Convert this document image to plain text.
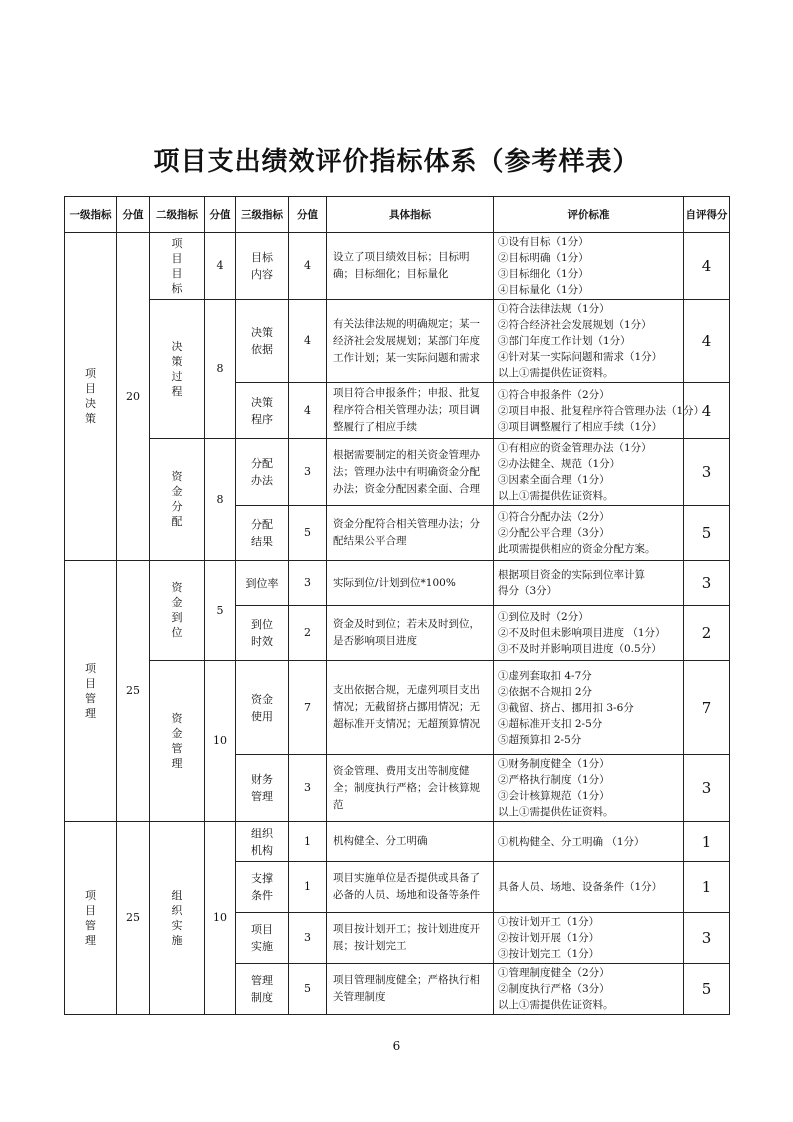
项目支出绩效评价指标体系（参考样表）
一级指标	分值	二级指标	分值	三级指标	分值	具体指标	评价标准	自评得分
项目决策	20	项目目标	4	目标内容	4	设立了项目绩效目标；目标明确；目标细化；目标量化	①设有目标（1分）
②目标明确（1分）
③目标细化（1分）
④目标量化（1分）	4
		决策过程	8	决策依据	4	有关法律法规的明确规定；某一经济社会发展规划；某部门年度工作计划；某一实际问题和需求	①符合法律法规（1分）
②符合经济社会发展规划（1分）
③部门年度工作计划（1分）
④针对某一实际问题和需求（1分）
以上①需提供佐证资料。	4
				决策程序	4	项目符合申报条件；申报、批复程序符合相关管理办法；项目调整履行了相应手续	①符合申报条件（2分）
②项目申报、批复程序符合管理办法（1分）
③项目调整履行了相应手续（1分）	4
		资金分配	8	分配办法	3	根据需要制定的相关资金管理办法；管理办法中有明确资金分配办法；资金分配因素全面、合理	①有相应的资金管理办法（1分）
②办法健全、规范（1分）
③因素全面合理（1分）
以上①需提供佐证资料。	3
				分配结果	5	资金分配符合相关管理办法；分配结果公平合理	①符合分配办法（2分）
②分配公平合理（3分）
此项需提供相应的资金分配方案。	5
项目管理	25	资金到位	5	到位率	3	实际到位/计划到位*100%	根据项目资金的实际到位率计算
得分（3分）	3
				到位时效	2	资金及时到位；若未及时到位，是否影响项目进度	①到位及时（2分）
②不及时但未影响项目进度 （1分）
③不及时并影响项目进度（0.5分）	2
		资金管理	10	资金使用	7	支出依据合规，无虚列项目支出情况；无截留挤占挪用情况；无超标准开支情况；无超预算情况	①虚列套取扣 4-7分
②依据不合规扣 2分
③截留、挤占、挪用扣 3-6分
④超标准开支扣 2-5分
⑤超预算扣 2-5分	7
				财务管理	3	资金管理、费用支出等制度健全；制度执行严格；会计核算规范	①财务制度健全（1分）
②严格执行制度（1分）
③会计核算规范（1分）
以上①需提供佐证资料。	3
项目管理	25	组织实施	10	组织机构	1	机构健全、分工明确	①机构健全、分工明确 （1分）	1
				支撑条件	1	项目实施单位是否提供或具备了必备的人员、场地和设备等条件	具备人员、场地、设备条件（1分）	1
				项目实施	3	项目按计划开工；按计划进度开展；按计划完工	①按计划开工（1分）
②按计划开展（1分）
③按计划完工（1分）	3
				管理制度	5	项目管理制度健全；严格执行相关管理制度	①管理制度健全（2分）
②制度执行严格（3分）
以上①需提供佐证资料。	5
6
